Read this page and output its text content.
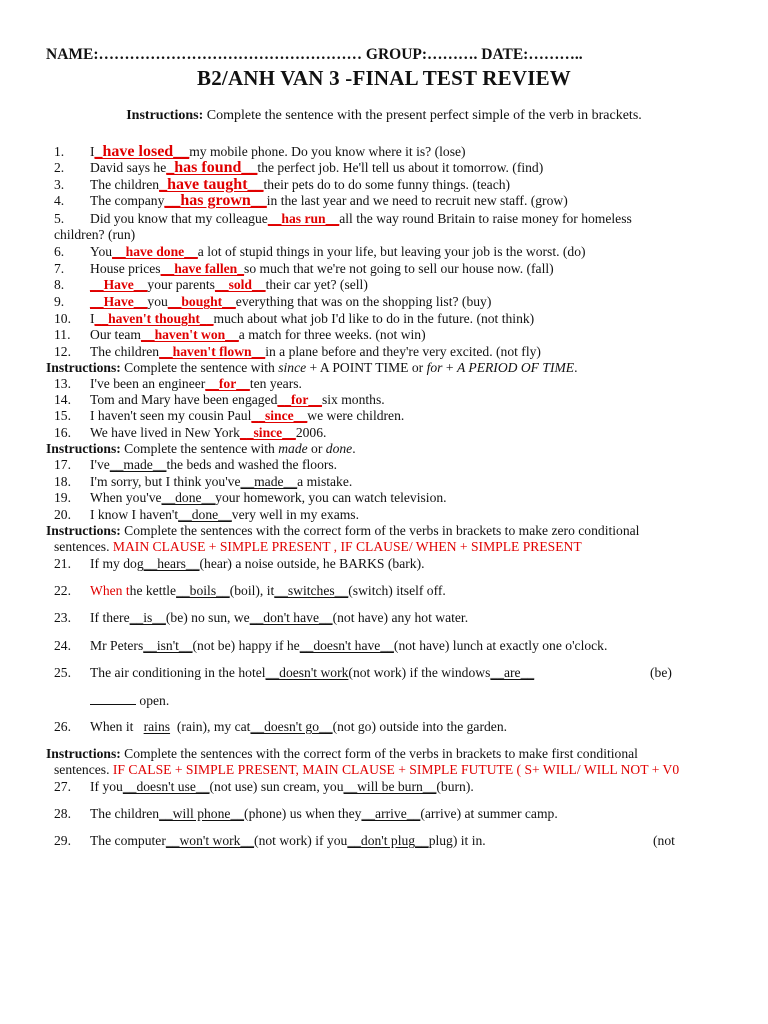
NAME:…………………………………………… GROUP:………. DATE:………..
B2/ANH VAN 3 -FINAL TEST REVIEW
Instructions: Complete the sentence with the present perfect simple of the verb in brackets.
1.	I_have losed__my mobile phone. Do you know where it is? (lose)
2.	David says he_has found__the perfect job. He'll tell us about it tomorrow. (find)
3.	The children_have taught__their pets do to do some funny things. (teach)
4.	The company__has grown__in the last year and we need to recruit new staff. (grow)
5.	Did you know that my colleague__has run__all the way round Britain to raise money for homeless
6.	You__have done__a lot of stupid things in your life, but leaving your job is the worst. (do)
7.	House prices__have fallen_so much that we're not going to sell our house now. (fall)
8.	__Have__your parents__sold__their car yet? (sell)
9.	__Have__you__bought__everything that was on the shopping list? (buy)
10.	I__haven't thought__much about what job I'd like to do in the future. (not think)
11.	Our team__haven't won__a match for three weeks. (not win)
12.	The children__haven't flown__in a plane before and they're very excited. (not fly)
children? (run)
Instructions: Complete the sentence with since + A POINT TIME or for + A PERIOD OF TIME.
13.	I've been an engineer__for__ten years.
14.	Tom and Mary have been engaged__for__six months.
15.	I haven't seen my cousin Paul__since__we were children.
16.	We have lived in New York__since__2006.
Instructions: Complete the sentence with made or done.
17.	I've__made__the beds and washed the floors.
18.	I'm sorry, but I think you've__made__a mistake.
19.	When you've__done__your homework, you can watch television.
20.	I know I haven't__done__very well in my exams.
Instructions: Complete the sentences with the correct form of the verbs in brackets to make zero conditional
sentences. MAIN CLAUSE + SIMPLE PRESENT , IF CLAUSE/ WHEN + SIMPLE PRESENT
21.	If my dog__hears__(hear) a noise outside, he BARKS (bark).
22.	When the kettle__boils__(boil), it__switches__(switch) itself off.
23.	If there__is__(be) no sun, we__don't have__(not have) any hot water.
24.	Mr Peters__isn't__(not be) happy if he__doesn't have__(not have) lunch at exactly one o'clock.
25.	The air conditioning in the hotel__doesn't work(not work) if the windows__are__	(be)
open.
26.	When it rains (rain), my cat__doesn't go__(not go) outside into the garden.
Instructions: Complete the sentences with the correct form of the verbs in brackets to make first conditional
sentences. IF CALSE + SIMPLE PRESENT, MAIN CLAUSE + SIMPLE FUTUTE ( S+ WILL/ WILL NOT + V0
27.	If you__doesn't use__(not use) sun cream, you__will be burn__(burn).
28.	The children__will phone__(phone) us when they__arrive__(arrive) at summer camp.
29.	The computer__won't work__(not work) if you__don't plug__plug) it in.	(not
